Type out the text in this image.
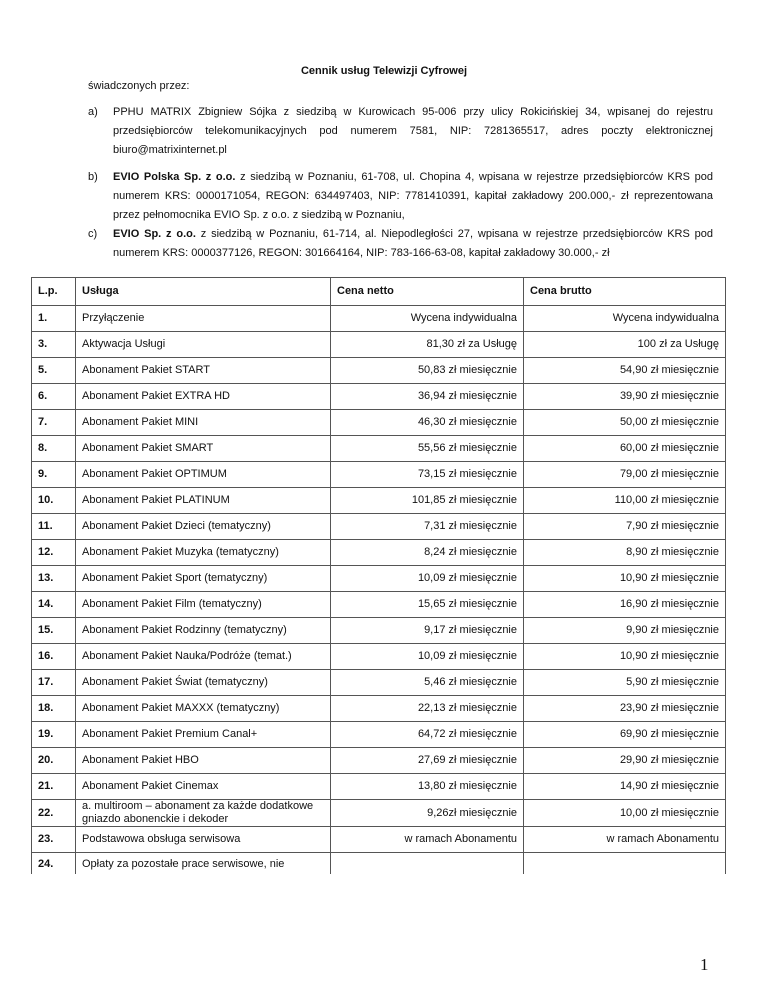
Cennik usług Telewizji Cyfrowej
świadczonych przez:
a) PPHU MATRIX Zbigniew Sójka z siedzibą w Kurowicach 95-006 przy ulicy Rokicińskiej 34, wpisanej do rejestru przedsiębiorców telekomunikacyjnych pod numerem 7581, NIP: 7281365517, adres poczty elektronicznej biuro@matrixinternet.pl
b) EVIO Polska Sp. z o.o. z siedzibą w Poznaniu, 61-708, ul. Chopina 4, wpisana w rejestrze przedsiębiorców KRS pod numerem KRS: 0000171054, REGON: 634497403, NIP: 7781410391, kapitał zakładowy 200.000,- zł reprezentowana przez pełnomocnika EVIO Sp. z o.o. z siedzibą w Poznaniu,
c) EVIO Sp. z o.o. z siedzibą w Poznaniu, 61-714, al. Niepodległości 27, wpisana w rejestrze przedsiębiorców KRS pod numerem KRS: 0000377126, REGON: 301664164, NIP: 783-166-63-08, kapitał zakładowy 30.000,- zł
L.p.	Usługa	Cena netto	Cena brutto
1.	Przyłączenie	Wycena indywidualna	Wycena indywidualna
3.	Aktywacja Usługi	81,30 zł za Usługę	100 zł za Usługę
5.	Abonament Pakiet START	50,83 zł miesięcznie	54,90 zł miesięcznie
6.	Abonament Pakiet EXTRA HD	36,94 zł miesięcznie	39,90 zł miesięcznie
7.	Abonament Pakiet MINI	46,30 zł miesięcznie	50,00 zł miesięcznie
8.	Abonament Pakiet SMART	55,56 zł miesięcznie	60,00 zł miesięcznie
9.	Abonament Pakiet OPTIMUM	73,15 zł miesięcznie	79,00 zł miesięcznie
10.	Abonament Pakiet PLATINUM	101,85 zł miesięcznie	110,00 zł miesięcznie
11.	Abonament Pakiet Dzieci (tematyczny)	7,31 zł miesięcznie	7,90 zł miesięcznie
12.	Abonament Pakiet Muzyka (tematyczny)	8,24 zł miesięcznie	8,90 zł miesięcznie
13.	Abonament Pakiet Sport (tematyczny)	10,09 zł miesięcznie	10,90 zł miesięcznie
14.	Abonament Pakiet Film (tematyczny)	15,65 zł miesięcznie	16,90 zł miesięcznie
15.	Abonament Pakiet Rodzinny (tematyczny)	9,17 zł miesięcznie	9,90 zł miesięcznie
16.	Abonament Pakiet Nauka/Podróże (temat.)	10,09 zł miesięcznie	10,90 zł miesięcznie
17.	Abonament Pakiet Świat (tematyczny)	5,46 zł miesięcznie	5,90 zł miesięcznie
18.	Abonament Pakiet MAXXX (tematyczny)	22,13 zł miesięcznie	23,90 zł miesięcznie
19.	Abonament Pakiet Premium Canal+	64,72 zł miesięcznie	69,90 zł miesięcznie
20.	Abonament Pakiet HBO	27,69 zł miesięcznie	29,90 zł miesięcznie
21.	Abonament Pakiet Cinemax	13,80 zł miesięcznie	14,90 zł miesięcznie
22.	a. multiroom – abonament za każde dodatkowe gniazdo abonenckie i dekoder	9,26zł miesięcznie	10,00 zł miesięcznie
23.	Podstawowa obsługa serwisowa	w ramach Abonamentu	w ramach Abonamentu
24.	Opłaty za pozostałe prace serwisowe, nie		
1
